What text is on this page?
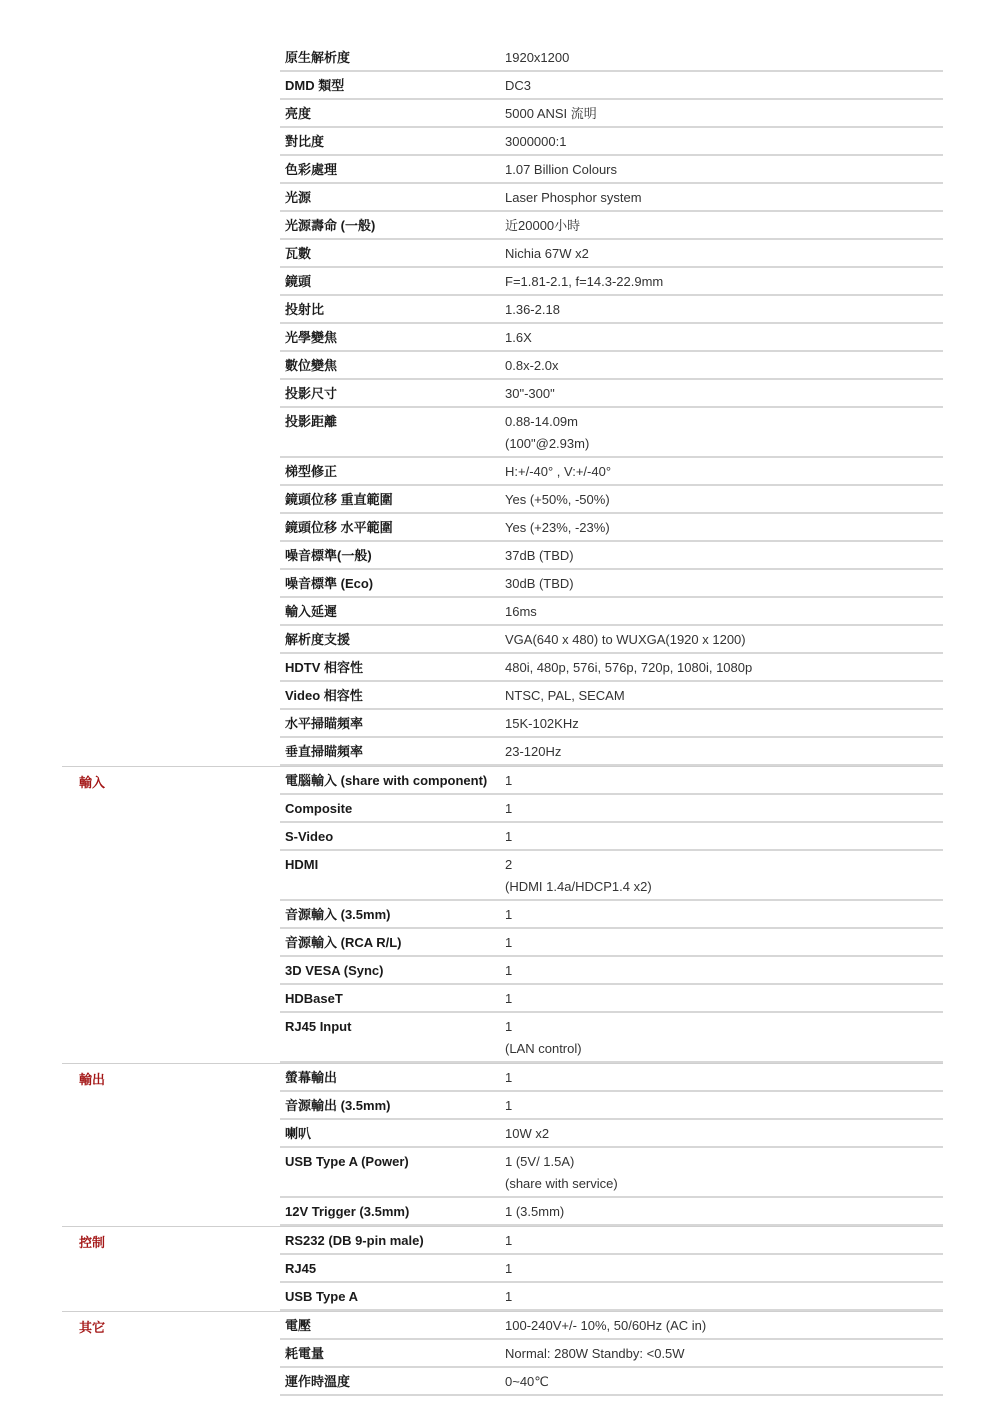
原生解析度	1920x1200
DMD 類型	DC3
亮度	5000 ANSI 流明
對比度	3000000:1
色彩處理	1.07 Billion Colours
光源	Laser Phosphor system
光源壽命 (一般)	近20000小時
瓦數	Nichia 67W x2
鏡頭	F=1.81-2.1, f=14.3-22.9mm
投射比	1.36-2.18
光學變焦	1.6X
數位變焦	0.8x-2.0x
投影尺寸	30"-300"
投影距離	0.88-14.09m
(100"@2.93m)
梯型修正	H:+/-40° , V:+/-40°
鏡頭位移 重直範圍	Yes (+50%, -50%)
鏡頭位移 水平範圍	Yes (+23%, -23%)
噪音標準(一般)	37dB (TBD)
噪音標準 (Eco)	30dB (TBD)
輸入延遲	16ms
解析度支援	VGA(640 x 480) to WUXGA(1920 x 1200)
HDTV 相容性	480i, 480p, 576i, 576p, 720p, 1080i, 1080p
Video 相容性	NTSC, PAL, SECAM
水平掃瞄頻率	15K-102KHz
垂直掃瞄頻率	23-120Hz
輸入	電腦輸入 (share with component)	1
Composite	1
S-Video	1
HDMI	2
(HDMI 1.4a/HDCP1.4 x2)
音源輸入 (3.5mm)	1
音源輸入 (RCA R/L)	1
3D VESA (Sync)	1
HDBaseT	1
RJ45 Input	1
(LAN control)
輸出	螢幕輸出	1
音源輸出 (3.5mm)	1
喇叭	10W x2
USB Type A (Power)	1 (5V/ 1.5A)
(share with service)
12V Trigger (3.5mm)	1 (3.5mm)
控制	RS232 (DB 9-pin male)	1
RJ45	1
USB Type A	1
其它	電壓	100-240V+/- 10%, 50/60Hz (AC in)
耗電量	Normal: 280W Standby: <0.5W
運作時溫度	0~40℃
